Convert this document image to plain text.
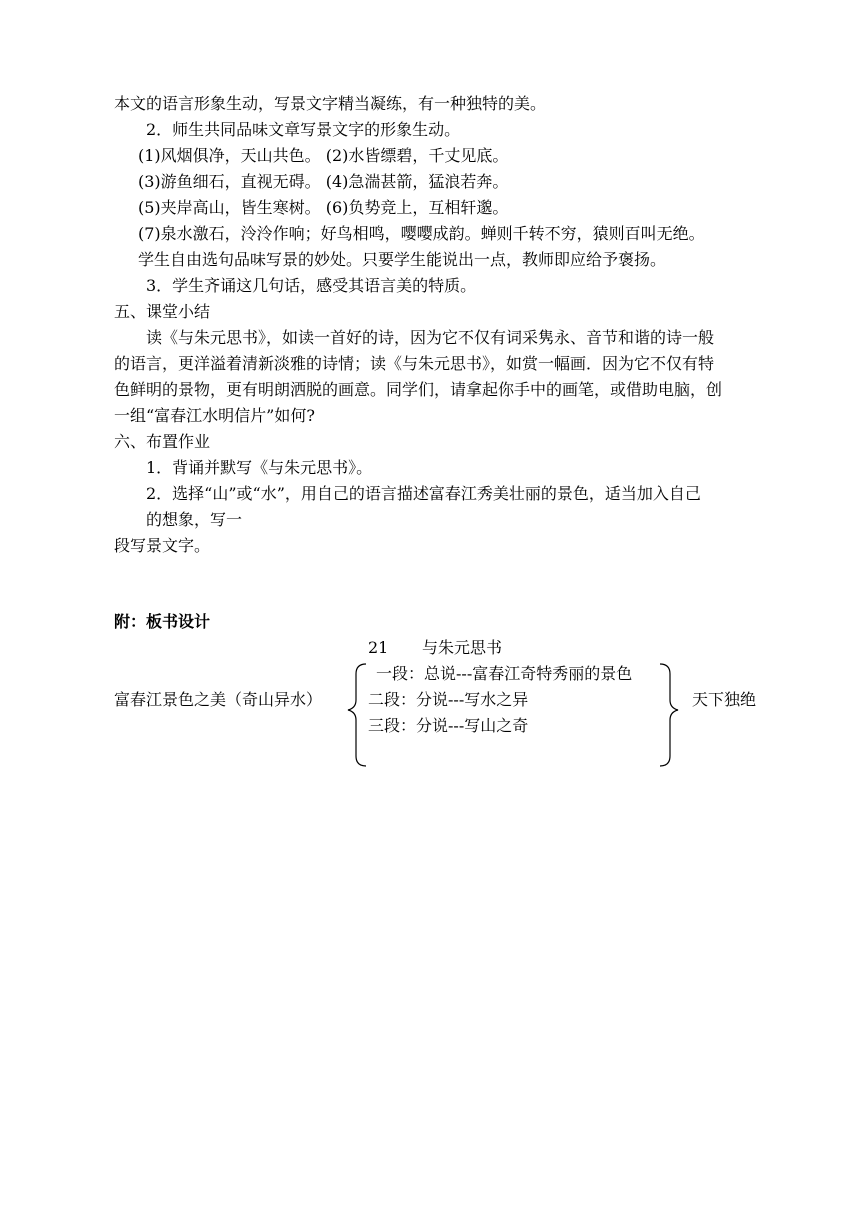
本文的语言形象生动，写景文字精当凝练，有一种独特的美。
2．师生共同品味文章写景文字的形象生动。
(1)风烟俱净，天山共色。 (2)水皆缥碧，千丈见底。
(3)游鱼细石，直视无碍。 (4)急湍甚箭，猛浪若奔。
(5)夹岸高山，皆生寒树。 (6)负势竞上，互相轩邈。
(7)泉水激石，泠泠作响；好鸟相鸣，嘤嘤成韵。蝉则千转不穷，猿则百叫无绝。
学生自由选句品味写景的妙处。只要学生能说出一点，教师即应给予褒扬。
3．学生齐诵这几句话，感受其语言美的特质。
五、课堂小结
读《与朱元思书》，如读一首好的诗，因为它不仅有词采隽永、音节和谐的诗一般
的语言，更洋溢着清新淡雅的诗情；读《与朱元思书》，如赏一幅画．因为它不仅有特
色鲜明的景物，更有明朗洒脱的画意。同学们，请拿起你手中的画笔，或借助电脑，创
一组“富春江水明信片”如何?
六、布置作业
1．背诵并默写《与朱元思书》。
2．选择“山”或“水”，用自己的语言描述富春江秀美壮丽的景色，适当加入自己
的想象，写一
段写景文字。
附：板书设计
21 与朱元思书
富春江景色之美（奇山异水）
一段：总说---富春江奇特秀丽的景色
二段：分说---写水之异
三段：分说---写山之奇
天下独绝
